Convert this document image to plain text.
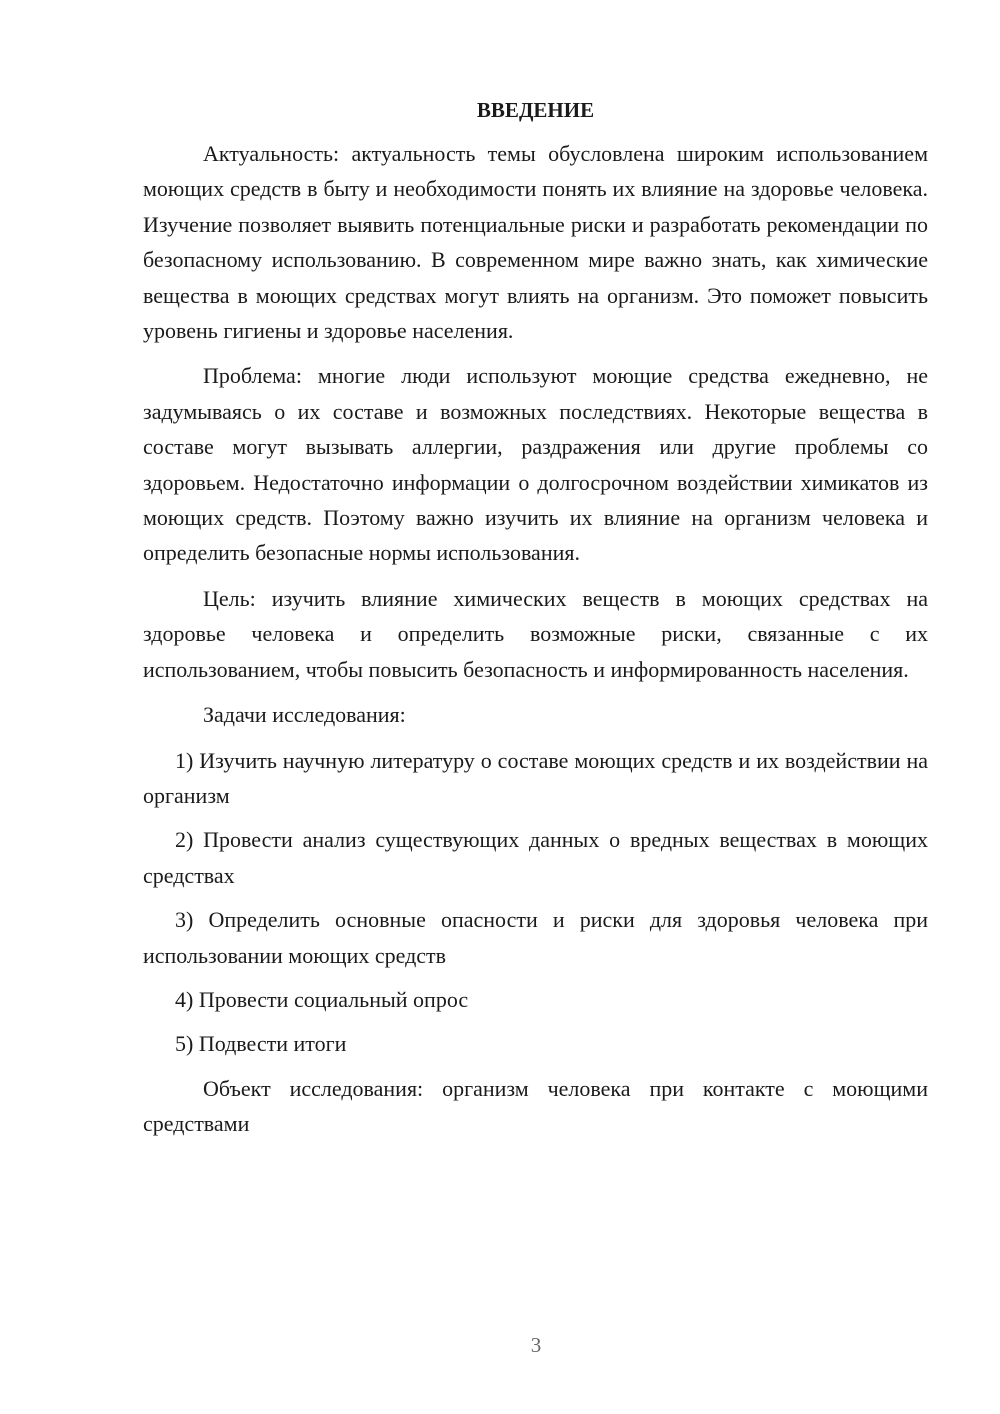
ВВЕДЕНИЕ

Актуальность: актуальность темы обусловлена широким использованием моющих средств в быту и необходимости понять их влияние на здоровье человека. Изучение позволяет выявить потенциальные риски и разработать рекомендации по безопасному использованию. В современном мире важно знать, как химические вещества в моющих средствах могут влиять на организм. Это поможет повысить уровень гигиены и здоровье населения.

Проблема: многие люди используют моющие средства ежедневно, не задумываясь о их составе и возможных последствиях. Некоторые вещества в составе могут вызывать аллергии, раздражения или другие проблемы со здоровьем. Недостаточно информации о долгосрочном воздействии химикатов из моющих средств. Поэтому важно изучить их влияние на организм человека и определить безопасные нормы использования.

Цель: изучить влияние химических веществ в моющих средствах на здоровье человека и определить возможные риски, связанные с их использованием, чтобы повысить безопасность и информированность населения.

Задачи исследования:

1) Изучить научную литературу о составе моющих средств и их воздействии на организм

2) Провести анализ существующих данных о вредных веществах в моющих средствах

3) Определить основные опасности и риски для здоровья человека при использовании моющих средств

4) Провести социальный опрос

5) Подвести итоги

Объект исследования: организм человека при контакте с моющими средствами

3
